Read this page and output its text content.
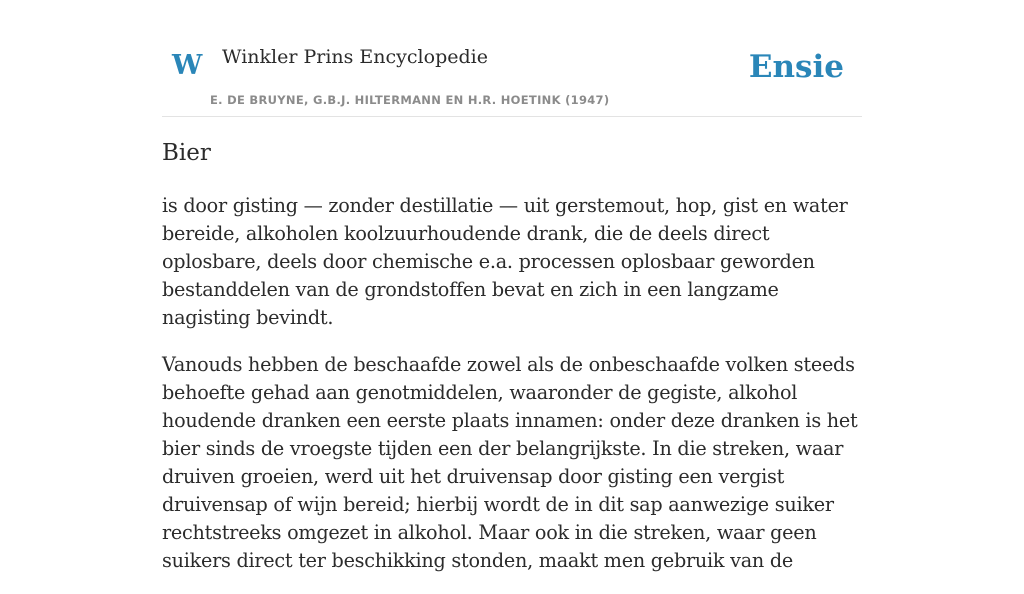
W Winkler Prins Encyclopedie
E. DE BRUYNE, G.B.J. HILTERMANN EN H.R. HOETINK (1947)
Ensie
Bier

is door gisting — zonder destillatie — uit gerstemout, hop, gist en water bereide, alkoholen koolzuurhoudende drank, die de deels direct oplosbare, deels door chemische e.a. processen oplosbaar geworden bestanddelen van de grondstoffen bevat en zich in een langzame nagisting bevindt.

Vanouds hebben de beschaafde zowel als de onbeschaafde volken steeds behoefte gehad aan genotmiddelen, waaronder de gegiste, alkohol houdende dranken een eerste plaats innamen: onder deze dranken is het bier sinds de vroegste tijden een der belangrijkste. In die streken, waar druiven groeien, werd uit het druivensap door gisting een vergist druivensap of wijn bereid; hierbij wordt de in dit sap aanwezige suiker rechtstreeks omgezet in alkohol. Maar ook in die streken, waar geen suikers direct ter beschikking stonden, maakt men gebruik van de
